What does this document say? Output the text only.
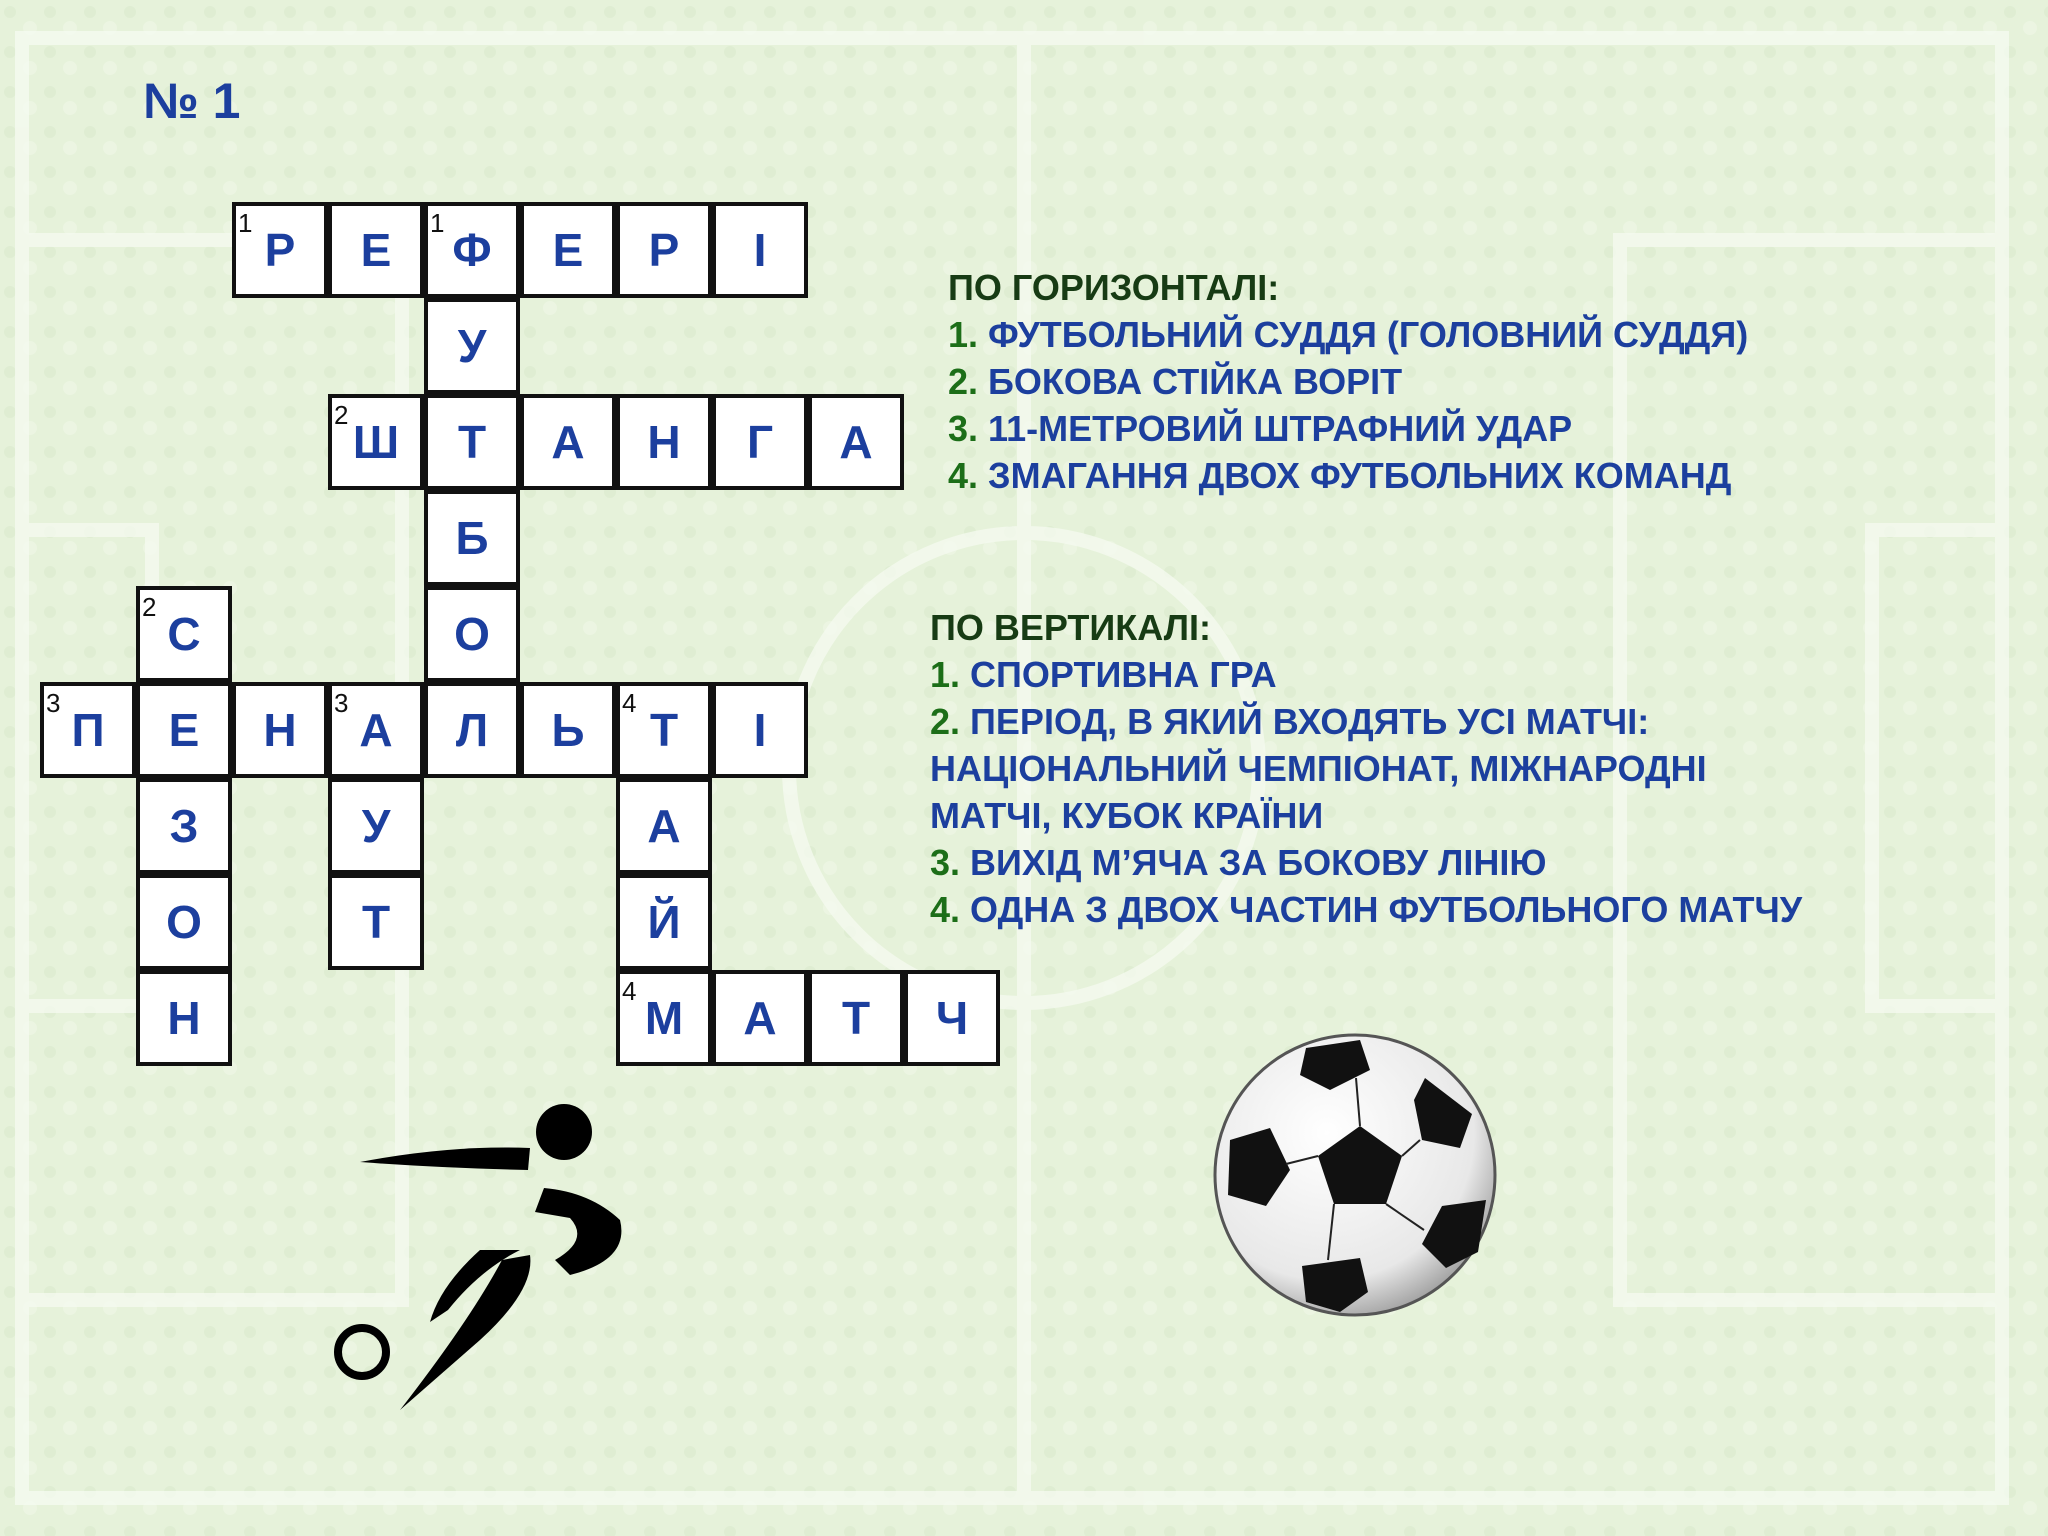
№ 1
Р	Е	Ф	Е	Р	І
У
Ш	Т	А	Н	Г	А
Б
С	О
П	Е	Н	А	Л	Ь	Т	І
З	У	А
О	Т	Й
Н	М	А	Т	Ч
1	1
2
2
3	3	4
4
ПО ГОРИЗОНТАЛІ:
1. ФУТБОЛЬНИЙ СУДДЯ (ГОЛОВНИЙ СУДДЯ)
2. БОКОВА СТІЙКА ВОРІТ
3. 11-МЕТРОВИЙ ШТРАФНИЙ УДАР
4. ЗМАГАННЯ ДВОХ ФУТБОЛЬНИХ КОМАНД
ПО ВЕРТИКАЛІ:
1. СПОРТИВНА ГРА
2. ПЕРІОД, В ЯКИЙ ВХОДЯТЬ УСІ МАТЧІ:
НАЦІОНАЛЬНИЙ ЧЕМПІОНАТ, МІЖНАРОДНІ
МАТЧІ, КУБОК КРАЇНИ
3. ВИХІД М’ЯЧА ЗА БОКОВУ ЛІНІЮ
4. ОДНА З ДВОХ ЧАСТИН ФУТБОЛЬНОГО МАТЧУ
